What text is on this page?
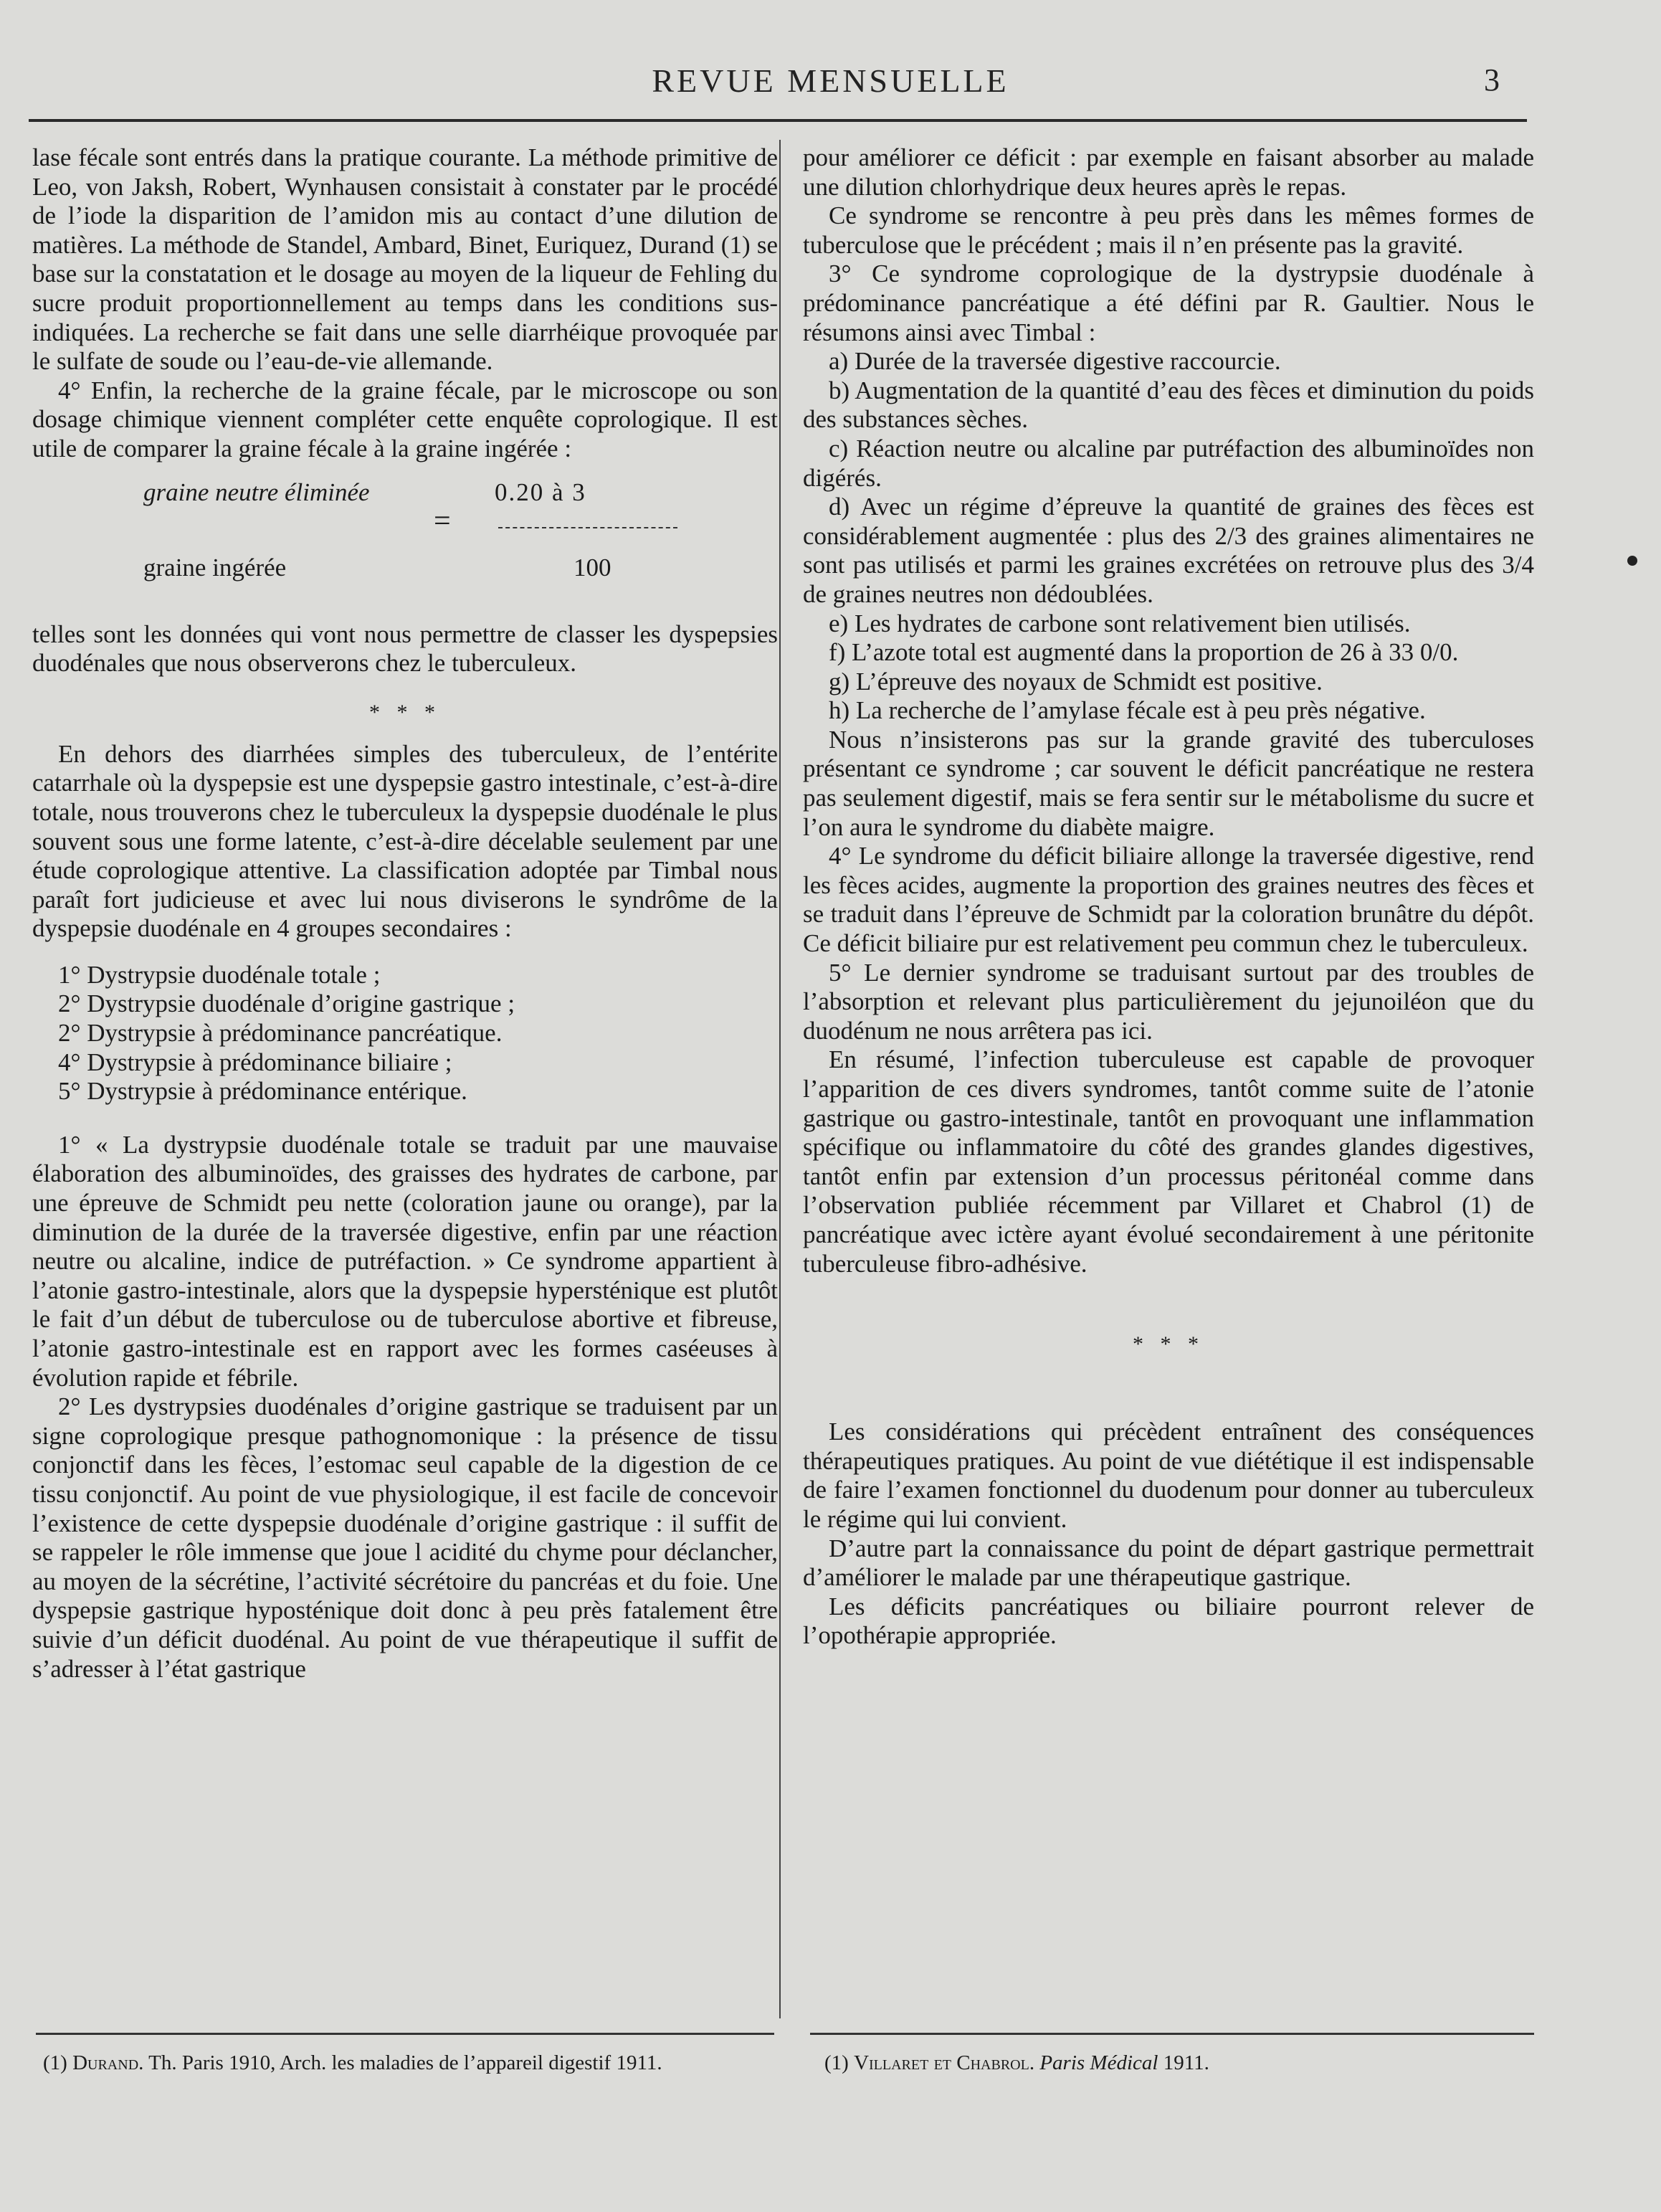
REVUE MENSUELLE	3

lase fécale sont entrés dans la pratique courante. La méthode primitive de Leo, von Jaksh, Robert, Wynhausen consistait à constater par le procédé de l’iode la disparition de l’amidon mis au contact d’une dilution de matières. La méthode de Standel, Ambard, Binet, Euriquez, Durand (1) se base sur la constatation et le dosage au moyen de la liqueur de Fehling du sucre produit proportionnellement au temps dans les conditions sus-indiquées. La recherche se fait dans une selle diarrhéique provoquée par le sulfate de soude ou l’eau-de-vie allemande.

4° Enfin, la recherche de la graine fécale, par le microscope ou son dosage chimique viennent compléter cette enquête coprologique. Il est utile de comparer la graine fécale à la graine ingérée :

graine neutre éliminée	0.20 à 3
=
graine ingérée	100

telles sont les données qui vont nous permettre de classer les dyspepsies duodénales que nous observerons chez le tuberculeux.

* * *

En dehors des diarrhées simples des tuberculeux, de l’entérite catarrhale où la dyspepsie est une dyspepsie gastro intestinale, c’est-à-dire totale, nous trouverons chez le tuberculeux la dyspepsie duodénale le plus souvent sous une forme latente, c’est-à-dire décelable seulement par une étude coprologique attentive. La classification adoptée par Timbal nous paraît fort judicieuse et avec lui nous diviserons le syndrôme de la dyspepsie duodénale en 4 groupes secondaires :

1° Dystrypsie duodénale totale ;

2° Dystrypsie duodénale d’origine gastrique ;

2° Dystrypsie à prédominance pancréatique.

4° Dystrypsie à prédominance biliaire ;

5° Dystrypsie à prédominance entérique.

1° « La dystrypsie duodénale totale se traduit par une mauvaise élaboration des albuminoïdes, des graisses des hydrates de carbone, par une épreuve de Schmidt peu nette (coloration jaune ou orange), par la diminution de la durée de la traversée digestive, enfin par une réaction neutre ou alcaline, indice de putréfaction. » Ce syndrome appartient à l’atonie gastro-intestinale, alors que la dyspepsie hypersténique est plutôt le fait d’un début de tuberculose ou de tuberculose abortive et fibreuse, l’atonie gastro-intestinale est en rapport avec les formes caséeuses à évolution rapide et fébrile.

2° Les dystrypsies duodénales d’origine gastrique se traduisent par un signe coprologique presque pathognomonique : la présence de tissu conjonctif dans les fèces, l’estomac seul capable de la digestion de ce tissu conjonctif. Au point de vue physiologique, il est facile de concevoir l’existence de cette dyspepsie duodénale d’origine gastrique : il suffit de se rappeler le rôle immense que joue l acidité du chyme pour déclancher, au moyen de la sécrétine, l’activité sécrétoire du pancréas et du foie. Une dyspepsie gastrique hyposténique doit donc à peu près fatalement être suivie d’un déficit duodénal. Au point de vue thérapeutique il suffit de s’adresser à l’état gastrique

pour améliorer ce déficit : par exemple en faisant absorber au malade une dilution chlorhydrique deux heures après le repas.

Ce syndrome se rencontre à peu près dans les mêmes formes de tuberculose que le précédent ; mais il n’en présente pas la gravité.

3° Ce syndrome coprologique de la dystrypsie duodénale à prédominance pancréatique a été défini par R. Gaultier. Nous le résumons ainsi avec Timbal :

a) Durée de la traversée digestive raccourcie.

b) Augmentation de la quantité d’eau des fèces et diminution du poids des substances sèches.

c) Réaction neutre ou alcaline par putréfaction des albuminoïdes non digérés.

d) Avec un régime d’épreuve la quantité de graines des fèces est considérablement augmentée : plus des 2/3 des graines alimentaires ne sont pas utilisés et parmi les graines excrétées on retrouve plus des 3/4 de graines neutres non dédoublées.

e) Les hydrates de carbone sont relativement bien utilisés.

f) L’azote total est augmenté dans la proportion de 26 à 33 0/0.

g) L’épreuve des noyaux de Schmidt est positive.

h) La recherche de l’amylase fécale est à peu près négative.

Nous n’insisterons pas sur la grande gravité des tuberculoses présentant ce syndrome ; car souvent le déficit pancréatique ne restera pas seulement digestif, mais se fera sentir sur le métabolisme du sucre et l’on aura le syndrome du diabète maigre.

4° Le syndrome du déficit biliaire allonge la traversée digestive, rend les fèces acides, augmente la proportion des graines neutres des fèces et se traduit dans l’épreuve de Schmidt par la coloration brunâtre du dépôt. Ce déficit biliaire pur est relativement peu commun chez le tuberculeux.

5° Le dernier syndrome se traduisant surtout par des troubles de l’absorption et relevant plus particulièrement du jejunoiléon que du duodénum ne nous arrêtera pas ici.

En résumé, l’infection tuberculeuse est capable de provoquer l’apparition de ces divers syndromes, tantôt comme suite de l’atonie gastrique ou gastro-intestinale, tantôt en provoquant une inflammation spécifique ou inflammatoire du côté des grandes glandes digestives, tantôt enfin par extension d’un processus péritonéal comme dans l’observation publiée récemment par Villaret et Chabrol (1) de pancréatique avec ictère ayant évolué secondairement à une péritonite tuberculeuse fibro-adhésive.

* * *

Les considérations qui précèdent entraînent des conséquences thérapeutiques pratiques. Au point de vue diététique il est indispensable de faire l’examen fonctionnel du duodenum pour donner au tuberculeux le régime qui lui convient.

D’autre part la connaissance du point de départ gastrique permettrait d’améliorer le malade par une thérapeutique gastrique.

Les déficits pancréatiques ou biliaire pourront relever de l’opothérapie appropriée.

(1) Durand. Th. Paris 1910, Arch. les maladies de l’appareil digestif 1911.	(1) Villaret et Chabrol. Paris Médical 1911.
